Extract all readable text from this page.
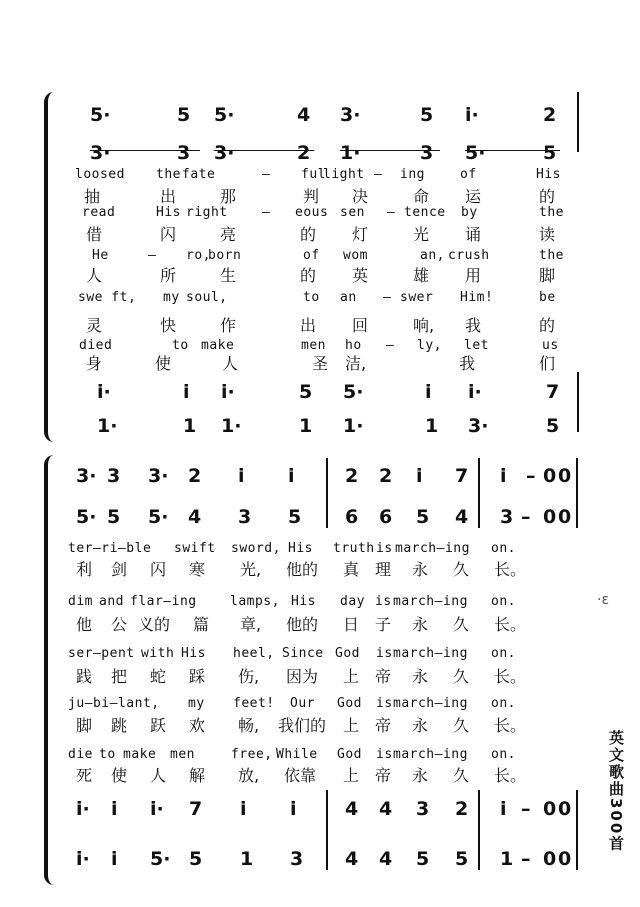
5·	5 5·	4 3·	5 i·	2
3·	3 3·	2 1·	3 5·	5
loosed the fate	– ful
light – ing	of	His
抽	出	那	判 决	命 运	的
read	His right	– eous sen – tence by	the
借	闪	亮	的 灯	光 诵	读
He	– ro,
born	of wom	an, crush	the
人	所	生	的 英	雄 用	脚
swe ft, my soul,	to an – swer Him!	be
灵	快	作	出 回	响, 我	的
died	to make	men ho – ly, let	us
身	使	人	圣 洁,	我	们
i·	i i·	5 5·	i i·	7
1·	1 1·	1 1·	1 3·	5
3· 3 3· 2 i i	2 2 i 7 i – 0 0
5· 5 5· 4 3 5 6 6 5 4 3 – 0 0
ter–ri–ble swift sword, His truth is march–ing on.
利 剑 闪 寒 光, 他的 真 理 永 久 长。
dim and flar–ing	lamps, His day is march–ing on.
他 公 义的 篇 章, 他的 日 子 永 久 长。
ser–pent with His heel, Since God is march–ing on.
践 把 蛇 踩 伤, 因为 上 帝 永 久 长。
ju–bi–lant, my feet! Our God is march–ing on.
脚 跳 跃 欢 畅, 我们的 上 帝 永 久 长。
die to make men	free, While God is march–ing on.
死 使 人 解 放, 依靠 上 帝 永 久 长。
i· i i· 7 i i	4 4 3 2 i – 0 0
i· i 5· 5 1 3 4 4 5 5 1 – 0 0
英文歌曲300首
·ɛ
